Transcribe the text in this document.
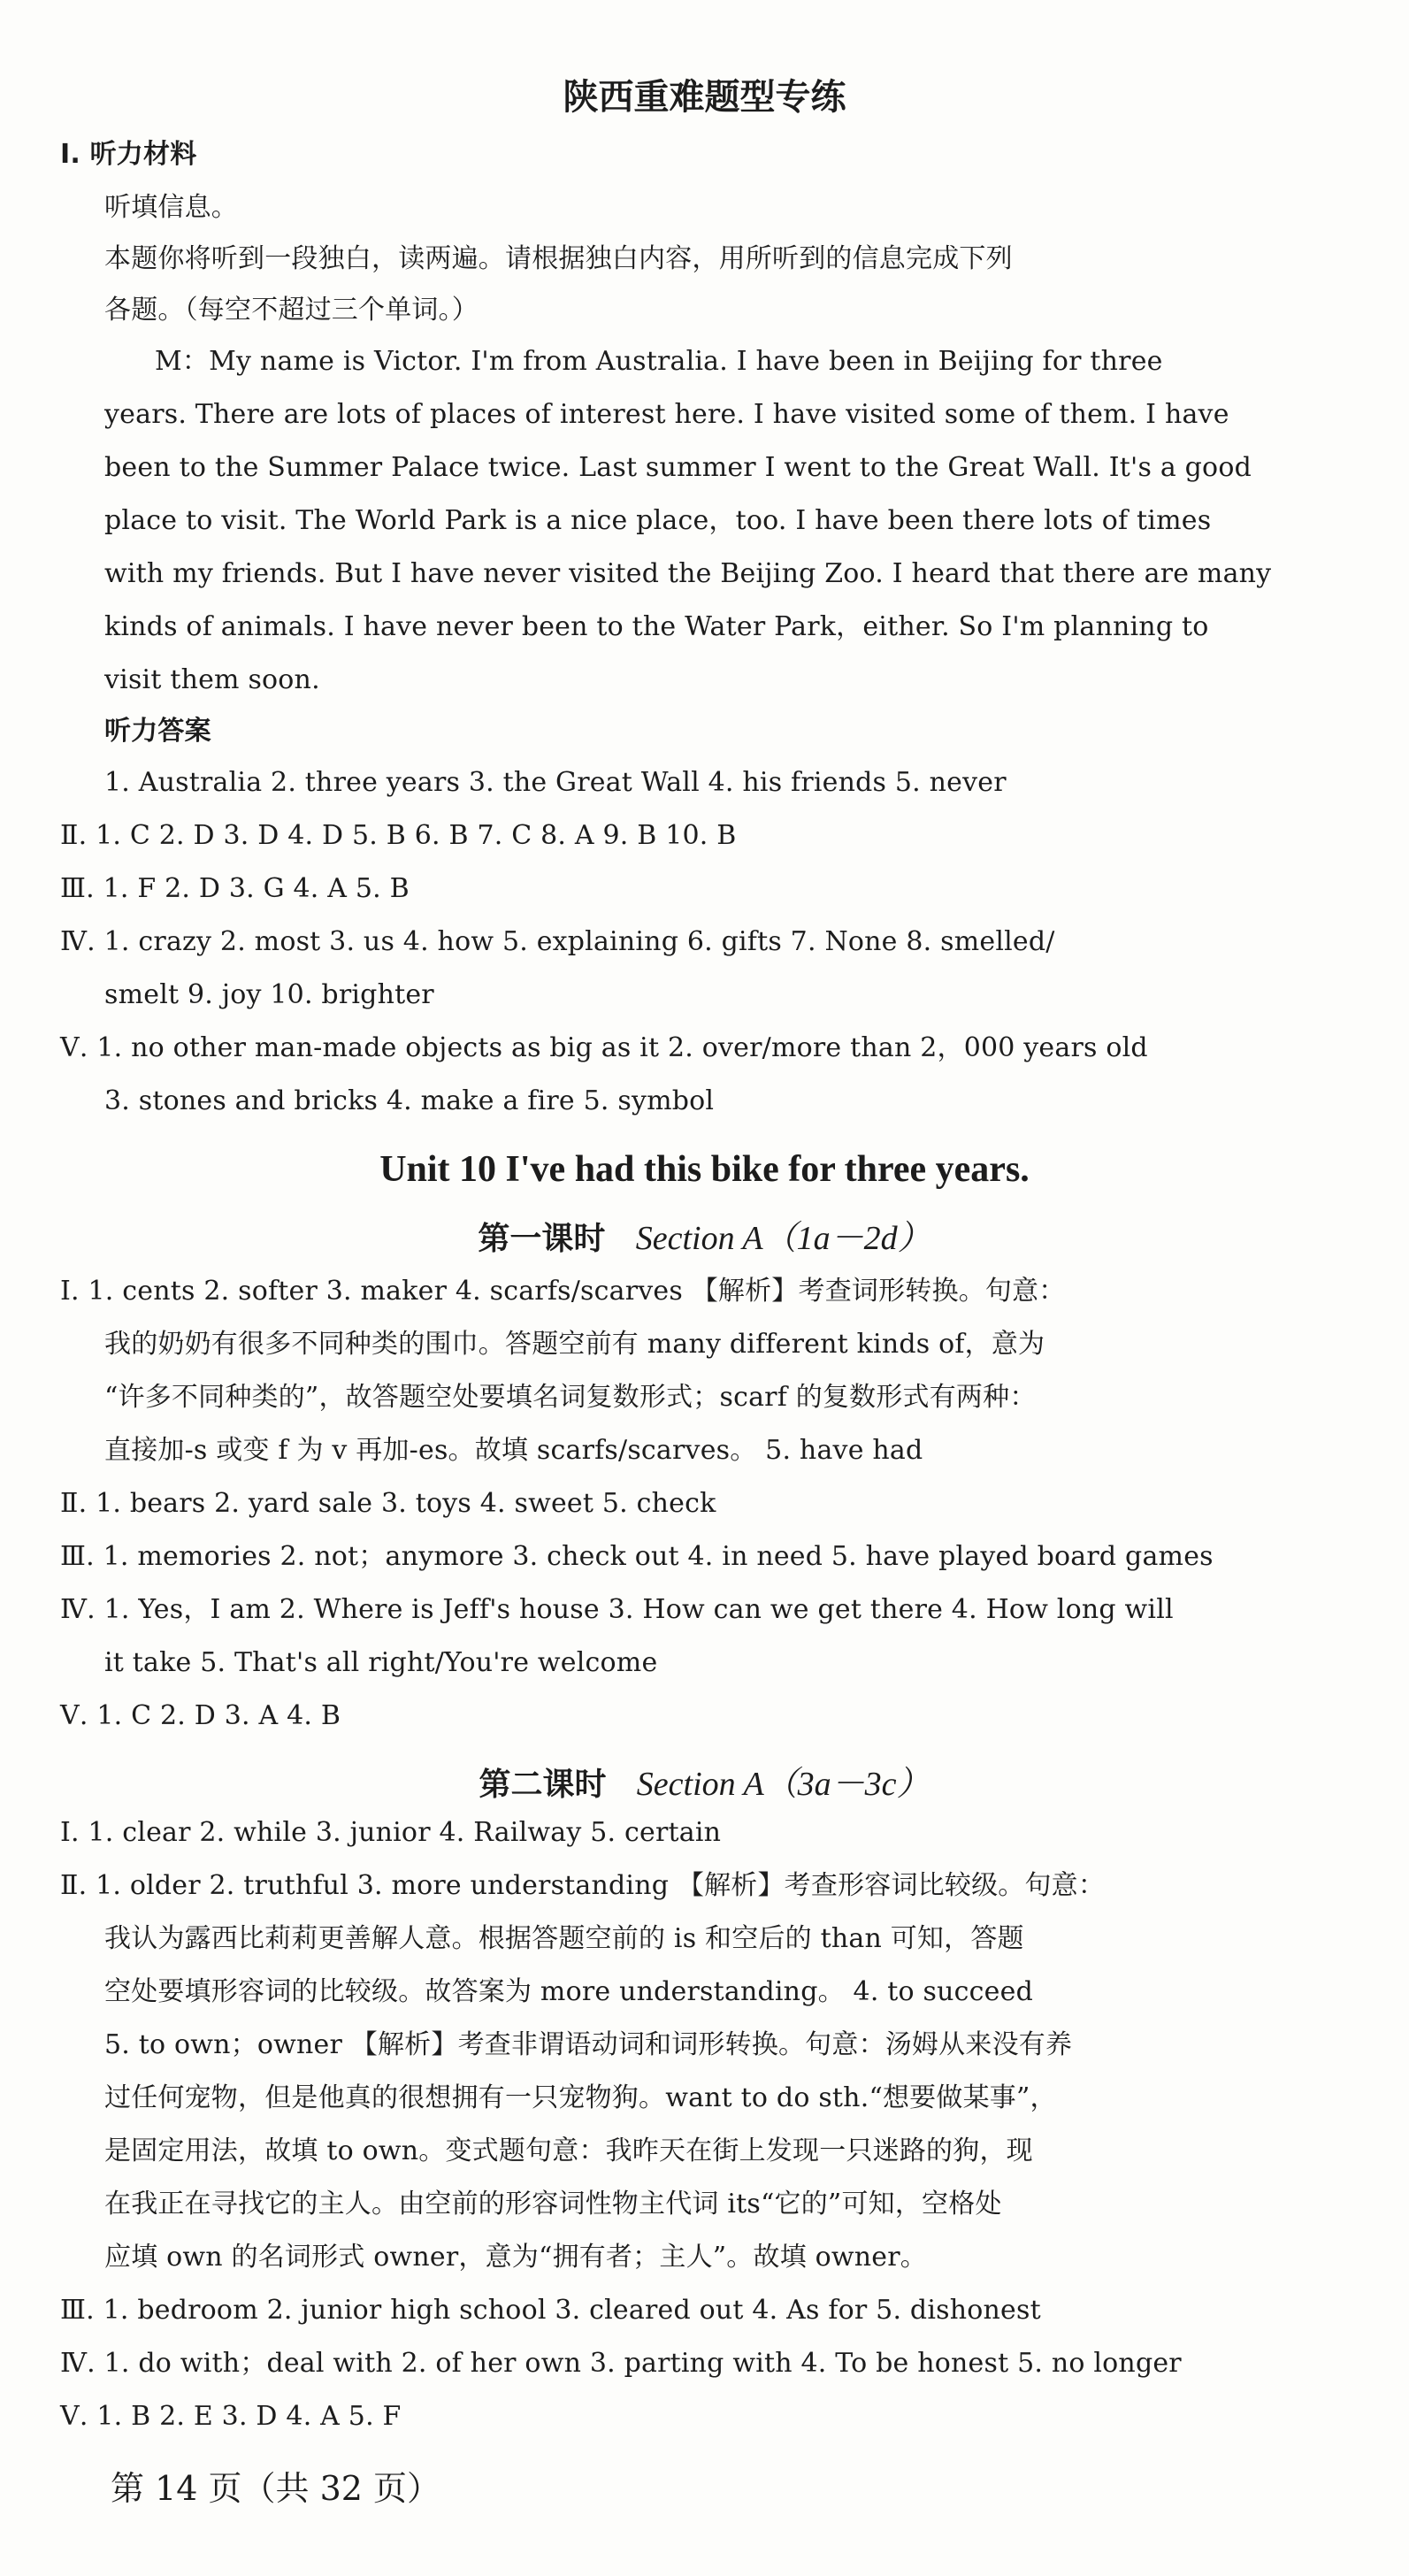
陕西重难题型专练
Ⅰ. 听力材料
听填信息。
本题你将听到一段独白，读两遍。请根据独白内容，用所听到的信息完成下列
各题。（每空不超过三个单词。）
M：My name is Victor. I'm from Australia. I have been in Beijing for three
years. There are lots of places of interest here. I have visited some of them. I have
been to the Summer Palace twice. Last summer I went to the Great Wall. It's a good
place to visit. The World Park is a nice place，too. I have been there lots of times
with my friends. But I have never visited the Beijing Zoo. I heard that there are many
kinds of animals. I have never been to the Water Park，either. So I'm planning to
visit them soon.
听力答案
1. Australia 2. three years 3. the Great Wall 4. his friends 5. never
Ⅱ. 1. C 2. D 3. D 4. D 5. B 6. B 7. C 8. A 9. B 10. B
Ⅲ. 1. F 2. D 3. G 4. A 5. B
Ⅳ. 1. crazy 2. most 3. us 4. how 5. explaining 6. gifts 7. None 8. smelled/
smelt 9. joy 10. brighter
Ⅴ. 1. no other man-made objects as big as it 2. over/more than 2，000 years old
3. stones and bricks 4. make a fire 5. symbol
Unit 10 I've had this bike for three years.
第一课时 Section A（1a－2d）
Ⅰ. 1. cents 2. softer 3. maker 4. scarfs/scarves 【解析】考查词形转换。句意：
我的奶奶有很多不同种类的围巾。答题空前有 many different kinds of，意为
“许多不同种类的”，故答题空处要填名词复数形式；scarf 的复数形式有两种：
直接加-s 或变 f 为 v 再加-es。故填 scarfs/scarves。 5. have had
Ⅱ. 1. bears 2. yard sale 3. toys 4. sweet 5. check
Ⅲ. 1. memories 2. not；anymore 3. check out 4. in need 5. have played board games
Ⅳ. 1. Yes，I am 2. Where is Jeff's house 3. How can we get there 4. How long will
it take 5. That's all right/You're welcome
Ⅴ. 1. C 2. D 3. A 4. B
第二课时 Section A（3a－3c）
Ⅰ. 1. clear 2. while 3. junior 4. Railway 5. certain
Ⅱ. 1. older 2. truthful 3. more understanding 【解析】考查形容词比较级。句意：
我认为露西比莉莉更善解人意。根据答题空前的 is 和空后的 than 可知，答题
空处要填形容词的比较级。故答案为 more understanding。 4. to succeed
5. to own；owner 【解析】考查非谓语动词和词形转换。句意：汤姆从来没有养
过任何宠物，但是他真的很想拥有一只宠物狗。want to do sth.“想要做某事”，
是固定用法，故填 to own。变式题句意：我昨天在街上发现一只迷路的狗，现
在我正在寻找它的主人。由空前的形容词性物主代词 its“它的”可知，空格处
应填 own 的名词形式 owner，意为“拥有者；主人”。故填 owner。
Ⅲ. 1. bedroom 2. junior high school 3. cleared out 4. As for 5. dishonest
Ⅳ. 1. do with；deal with 2. of her own 3. parting with 4. To be honest 5. no longer
Ⅴ. 1. B 2. E 3. D 4. A 5. F
第 14 页（共 32 页）
